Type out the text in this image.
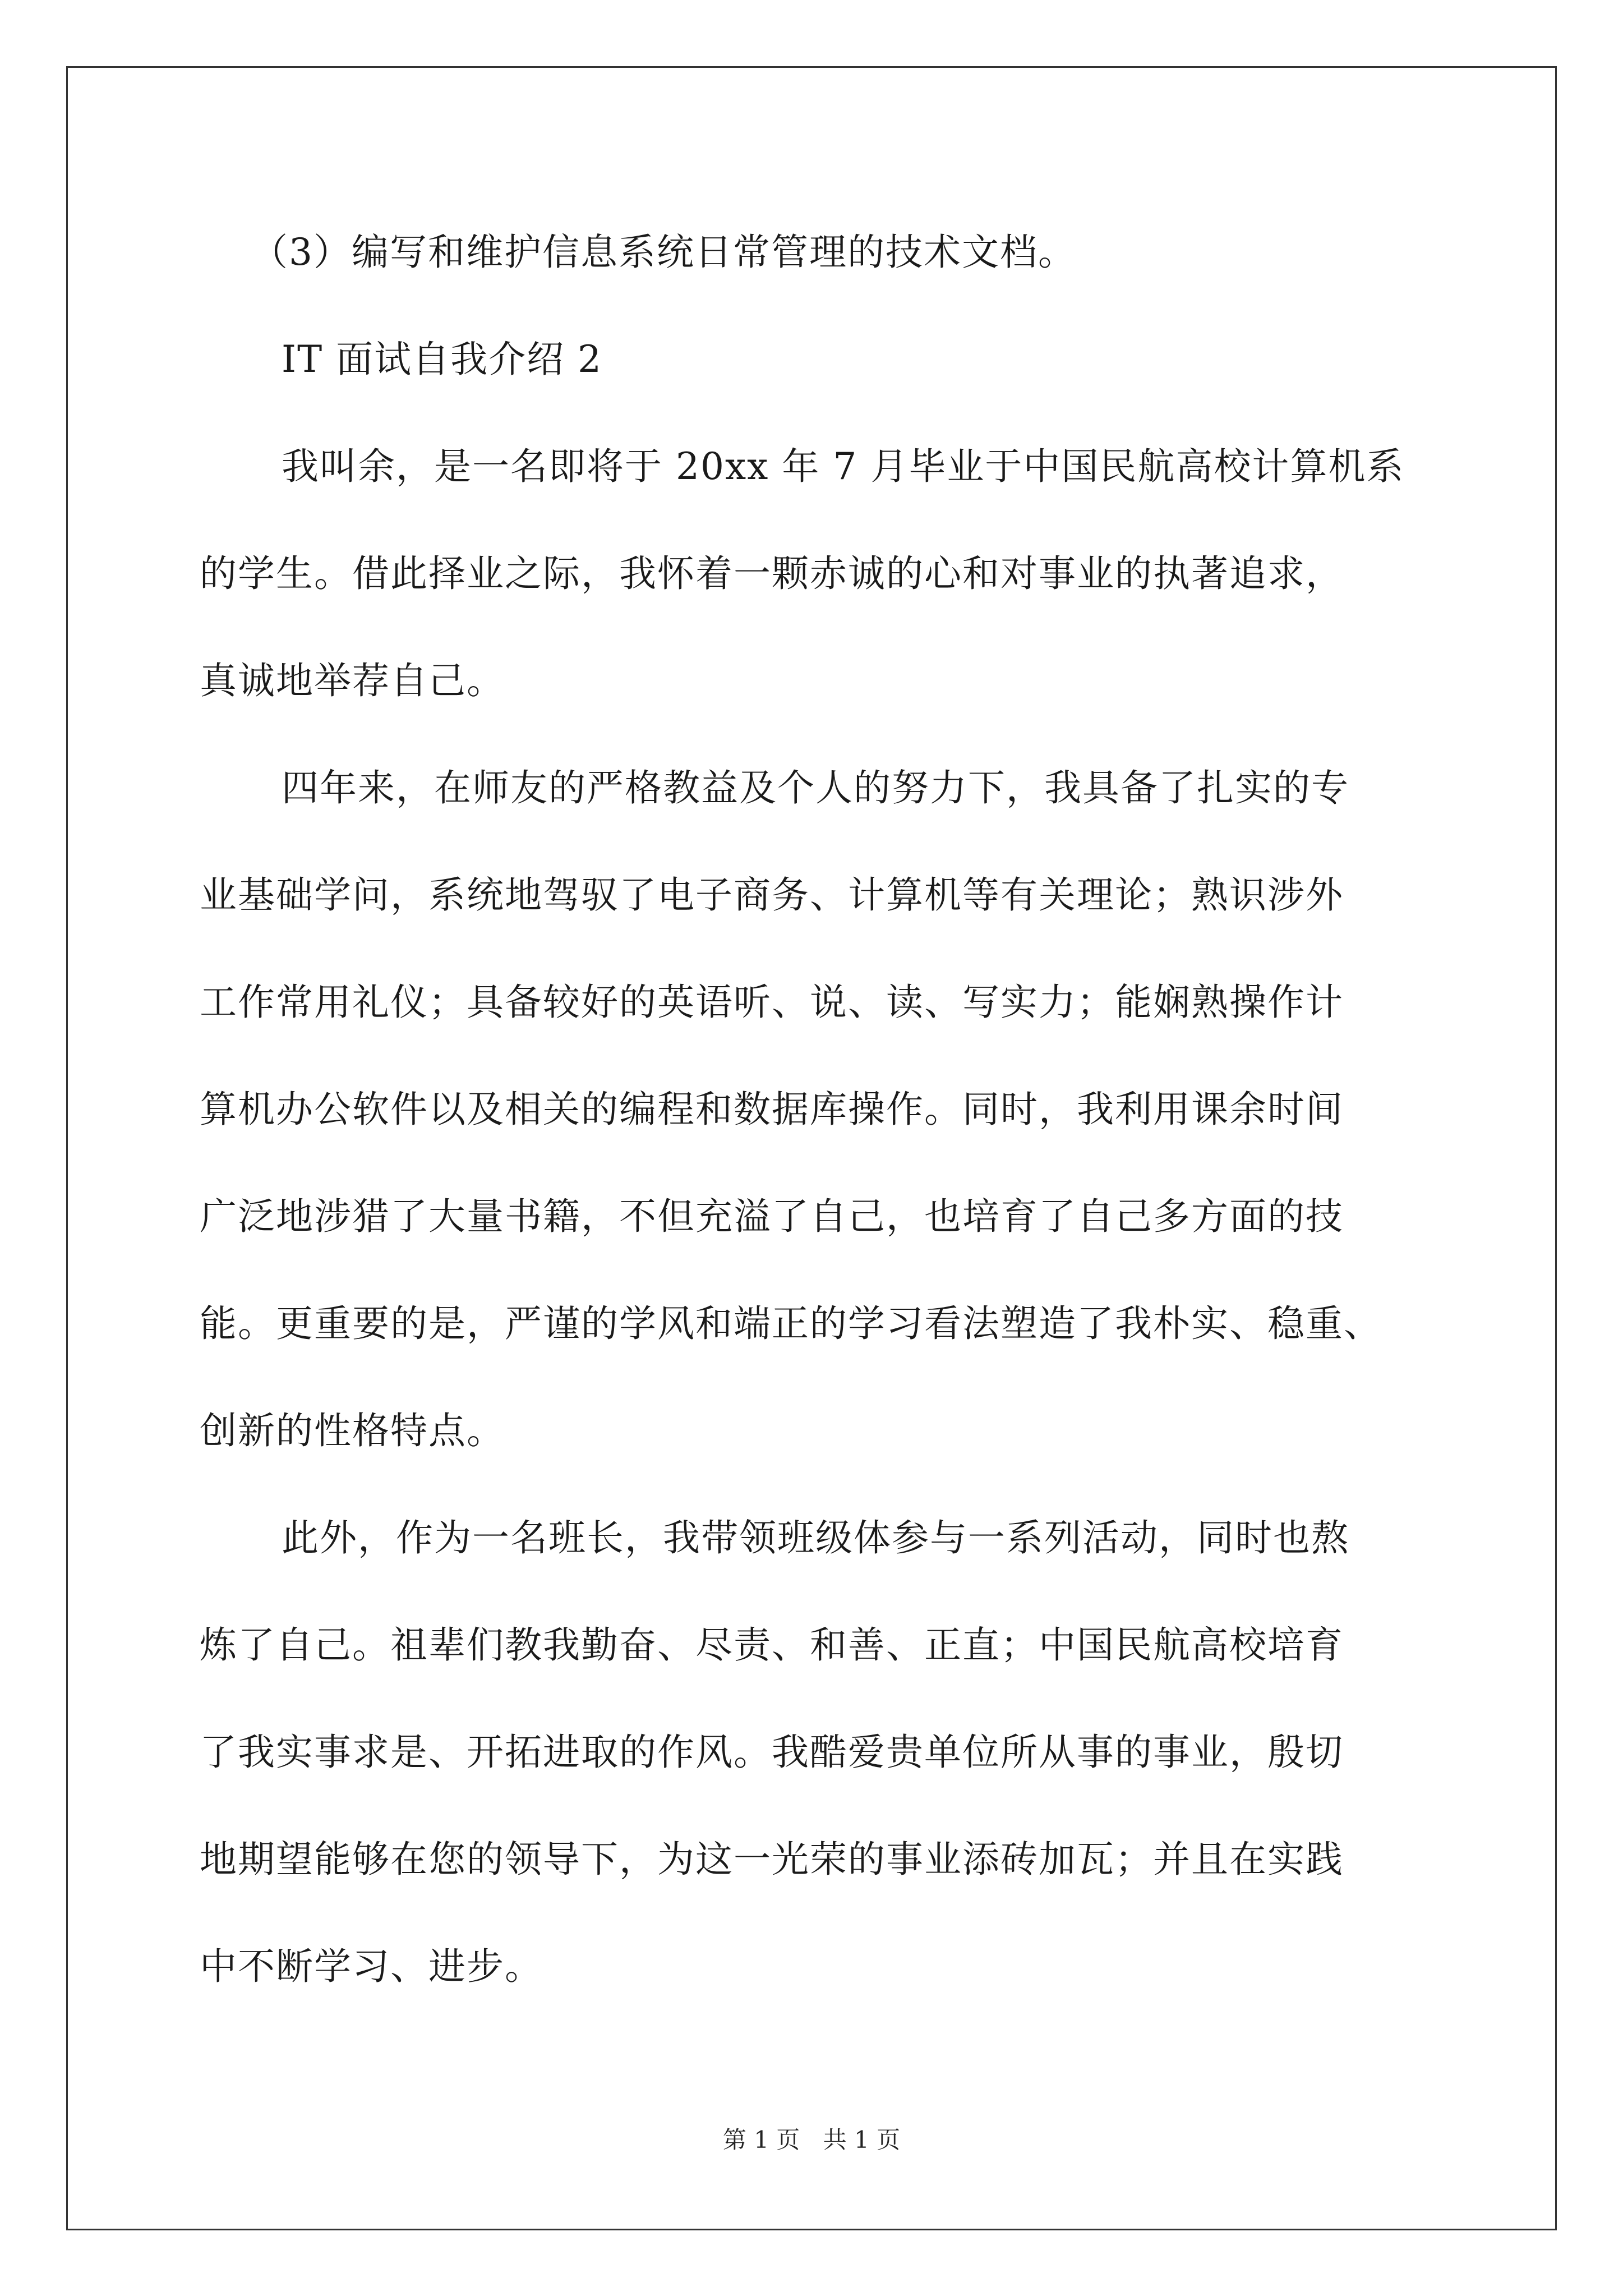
（3）编写和维护信息系统日常管理的技术文档。
IT 面试自我介绍 2
我叫余，是一名即将于 20xx 年 7 月毕业于中国民航高校计算机系
的学生。借此择业之际，我怀着一颗赤诚的心和对事业的执著追求，
真诚地举荐自己。
四年来，在师友的严格教益及个人的努力下，我具备了扎实的专
业基础学问，系统地驾驭了电子商务、计算机等有关理论；熟识涉外
工作常用礼仪；具备较好的英语听、说、读、写实力；能娴熟操作计
算机办公软件以及相关的编程和数据库操作。同时，我利用课余时间
广泛地涉猎了大量书籍，不但充溢了自己，也培育了自己多方面的技
能。更重要的是，严谨的学风和端正的学习看法塑造了我朴实、稳重、
创新的性格特点。
此外，作为一名班长，我带领班级体参与一系列活动，同时也熬
炼了自己。祖辈们教我勤奋、尽责、和善、正直；中国民航高校培育
了我实事求是、开拓进取的作风。我酷爱贵单位所从事的事业，殷切
地期望能够在您的领导下，为这一光荣的事业添砖加瓦；并且在实践
中不断学习、进步。
第 1 页 共 1 页
